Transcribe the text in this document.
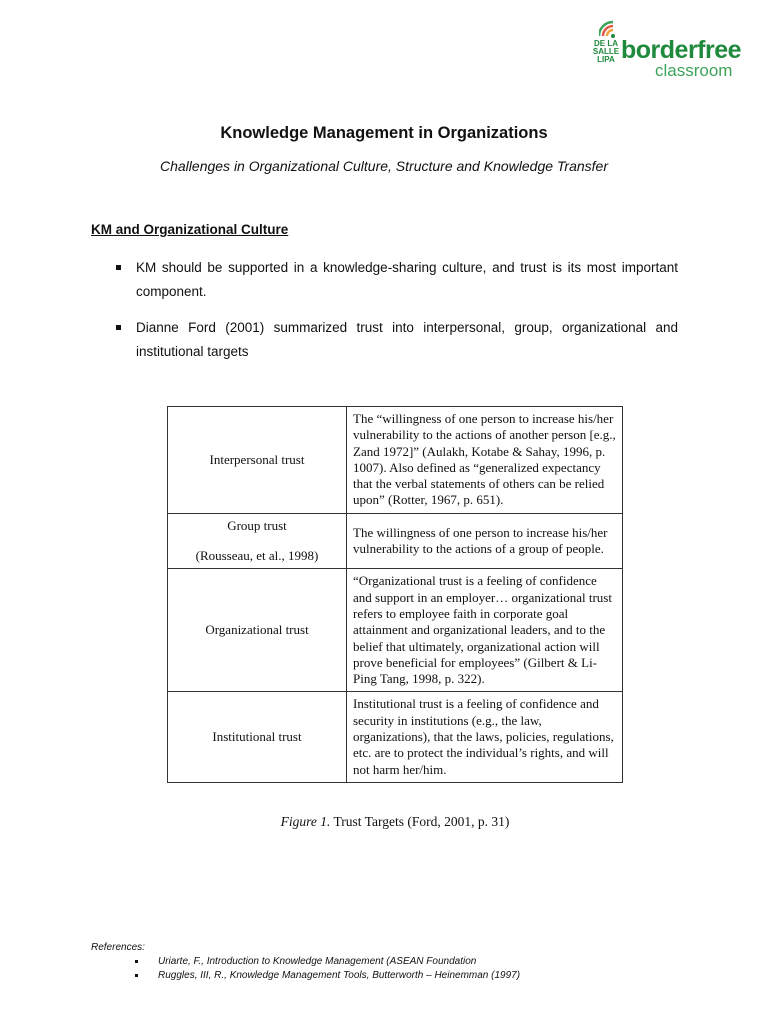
DE LA
SALLE
LIPA borderfree
classroom
Knowledge Management in Organizations
Challenges in Organizational Culture, Structure and Knowledge Transfer
KM and Organizational Culture
KM should be supported in a knowledge-sharing culture, and trust is its most important component.
Dianne Ford (2001) summarized trust into interpersonal, group, organizational and institutional targets
Interpersonal trust	The “willingness of one person to increase his/her vulnerability to the actions of another person [e.g., Zand 1972]” (Aulakh, Kotabe & Sahay, 1996, p. 1007). Also defined as “generalized expectancy that the verbal statements of others can be relied upon” (Rotter, 1967, p. 651).

Group trust
(Rousseau, et al., 1998)	The willingness of one person to increase his/her vulnerability to the actions of a group of people.
Organizational trust	“Organizational trust is a feeling of confidence and support in an employer… organizational trust refers to employee faith in corporate goal attainment and organizational leaders, and to the belief that ultimately, organizational action will prove beneficial for employees” (Gilbert & Li-Ping Tang, 1998, p. 322).
Institutional trust	Institutional trust is a feeling of confidence and security in institutions (e.g., the law, organizations), that the laws, policies, regulations, etc. are to protect the individual’s rights, and will not harm her/him.
Figure 1. Trust Targets (Ford, 2001, p. 31)
References:
Uriarte, F., Introduction to Knowledge Management (ASEAN Foundation
Ruggles, III, R., Knowledge Management Tools, Butterworth – Heinemman (1997)
